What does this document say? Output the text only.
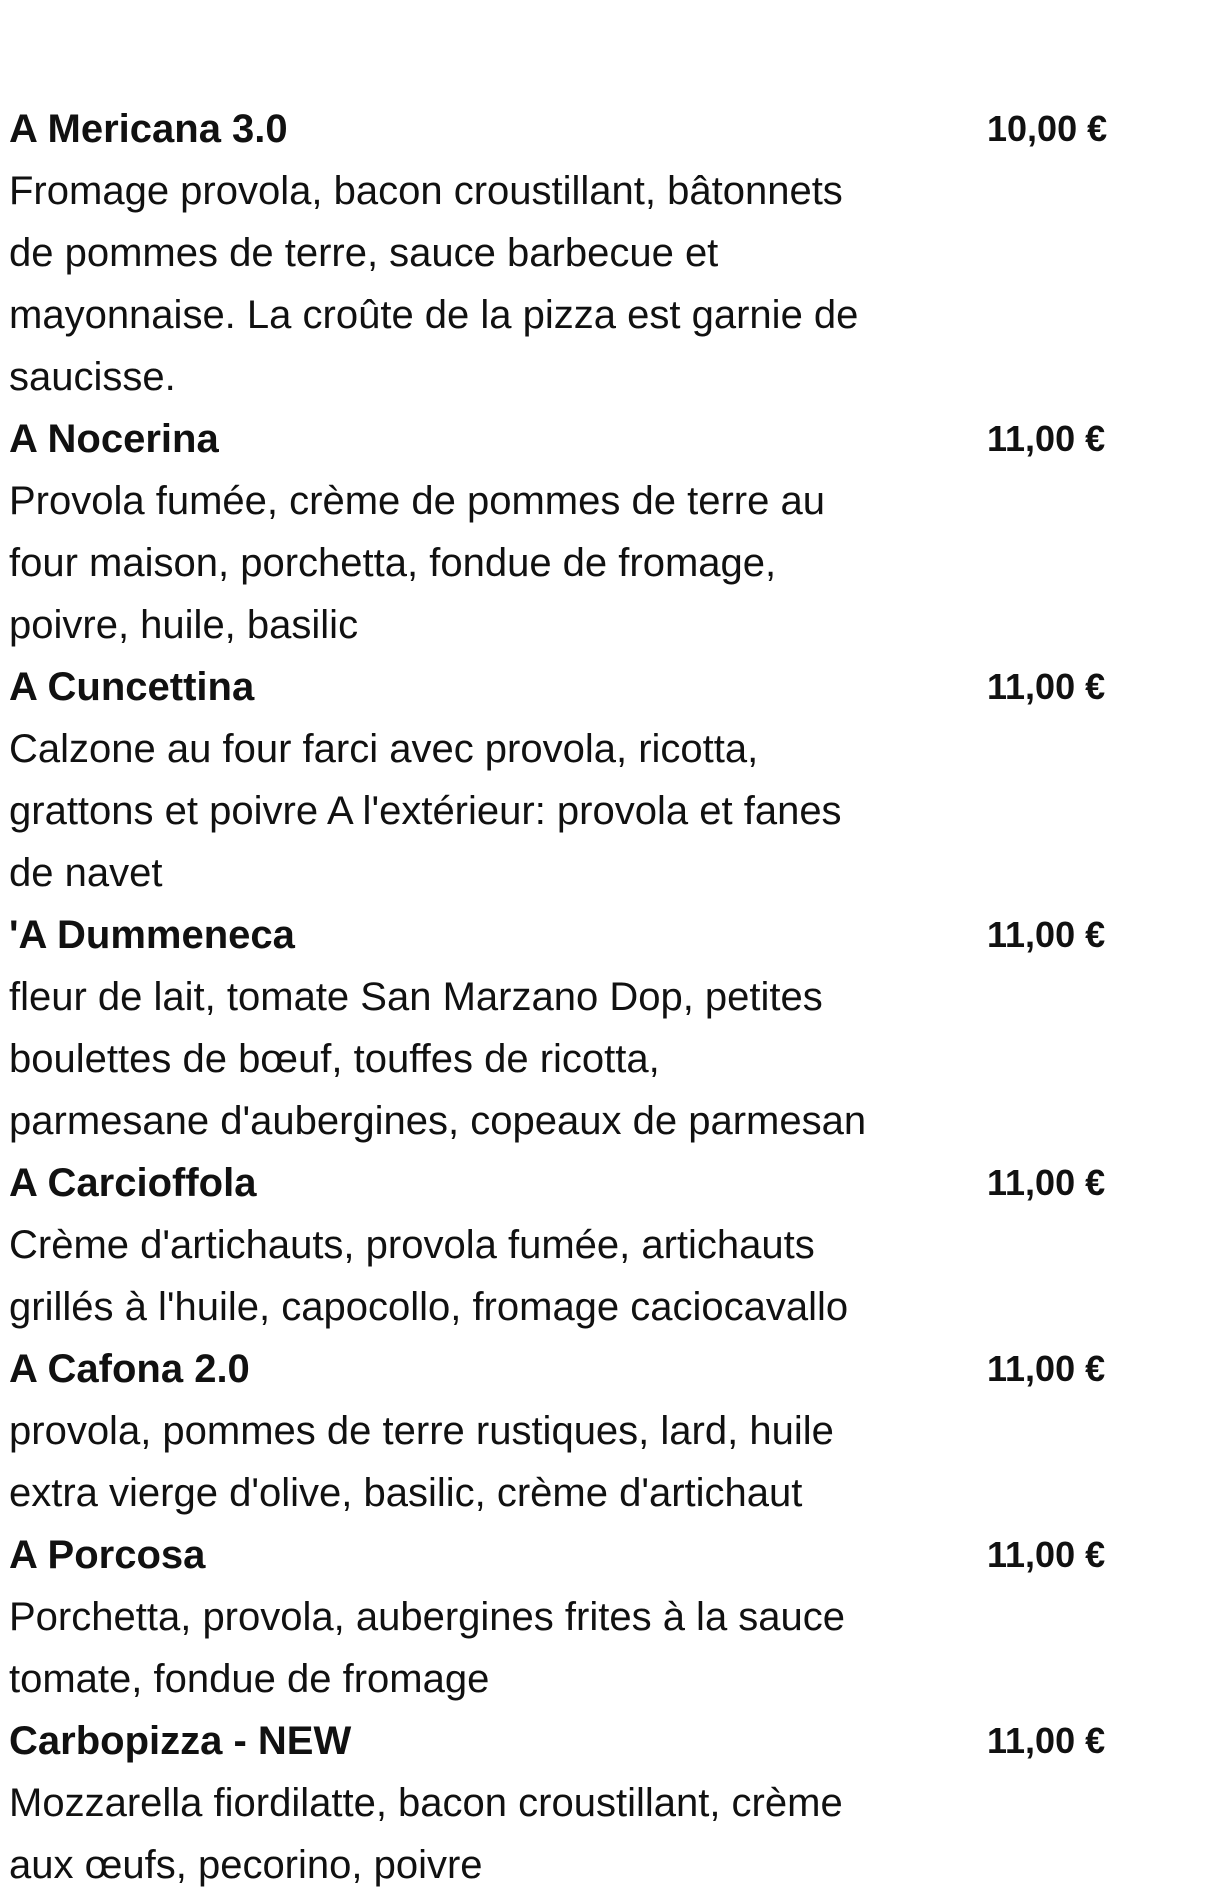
A Mericana 3.0	10,00 €
Fromage provola, bacon croustillant, bâtonnets
de pommes de terre, sauce barbecue et
mayonnaise. La croûte de la pizza est garnie de
saucisse.
A Nocerina	11,00 €
Provola fumée, crème de pommes de terre au
four maison, porchetta, fondue de fromage,
poivre, huile, basilic
A Cuncettina	11,00 €
Calzone au four farci avec provola, ricotta,
grattons et poivre A l'extérieur: provola et fanes
de navet
'A Dummeneca	11,00 €
fleur de lait, tomate San Marzano Dop, petites
boulettes de bœuf, touffes de ricotta,
parmesane d'aubergines, copeaux de parmesan
A Carcioffola	11,00 €
Crème d'artichauts, provola fumée, artichauts
grillés à l'huile, capocollo, fromage caciocavallo
A Cafona 2.0	11,00 €
provola, pommes de terre rustiques, lard, huile
extra vierge d'olive, basilic, crème d'artichaut
A Porcosa	11,00 €
Porchetta, provola, aubergines frites à la sauce
tomate, fondue de fromage
Carbopizza - NEW	11,00 €
Mozzarella fiordilatte, bacon croustillant, crème
aux œufs, pecorino, poivre
